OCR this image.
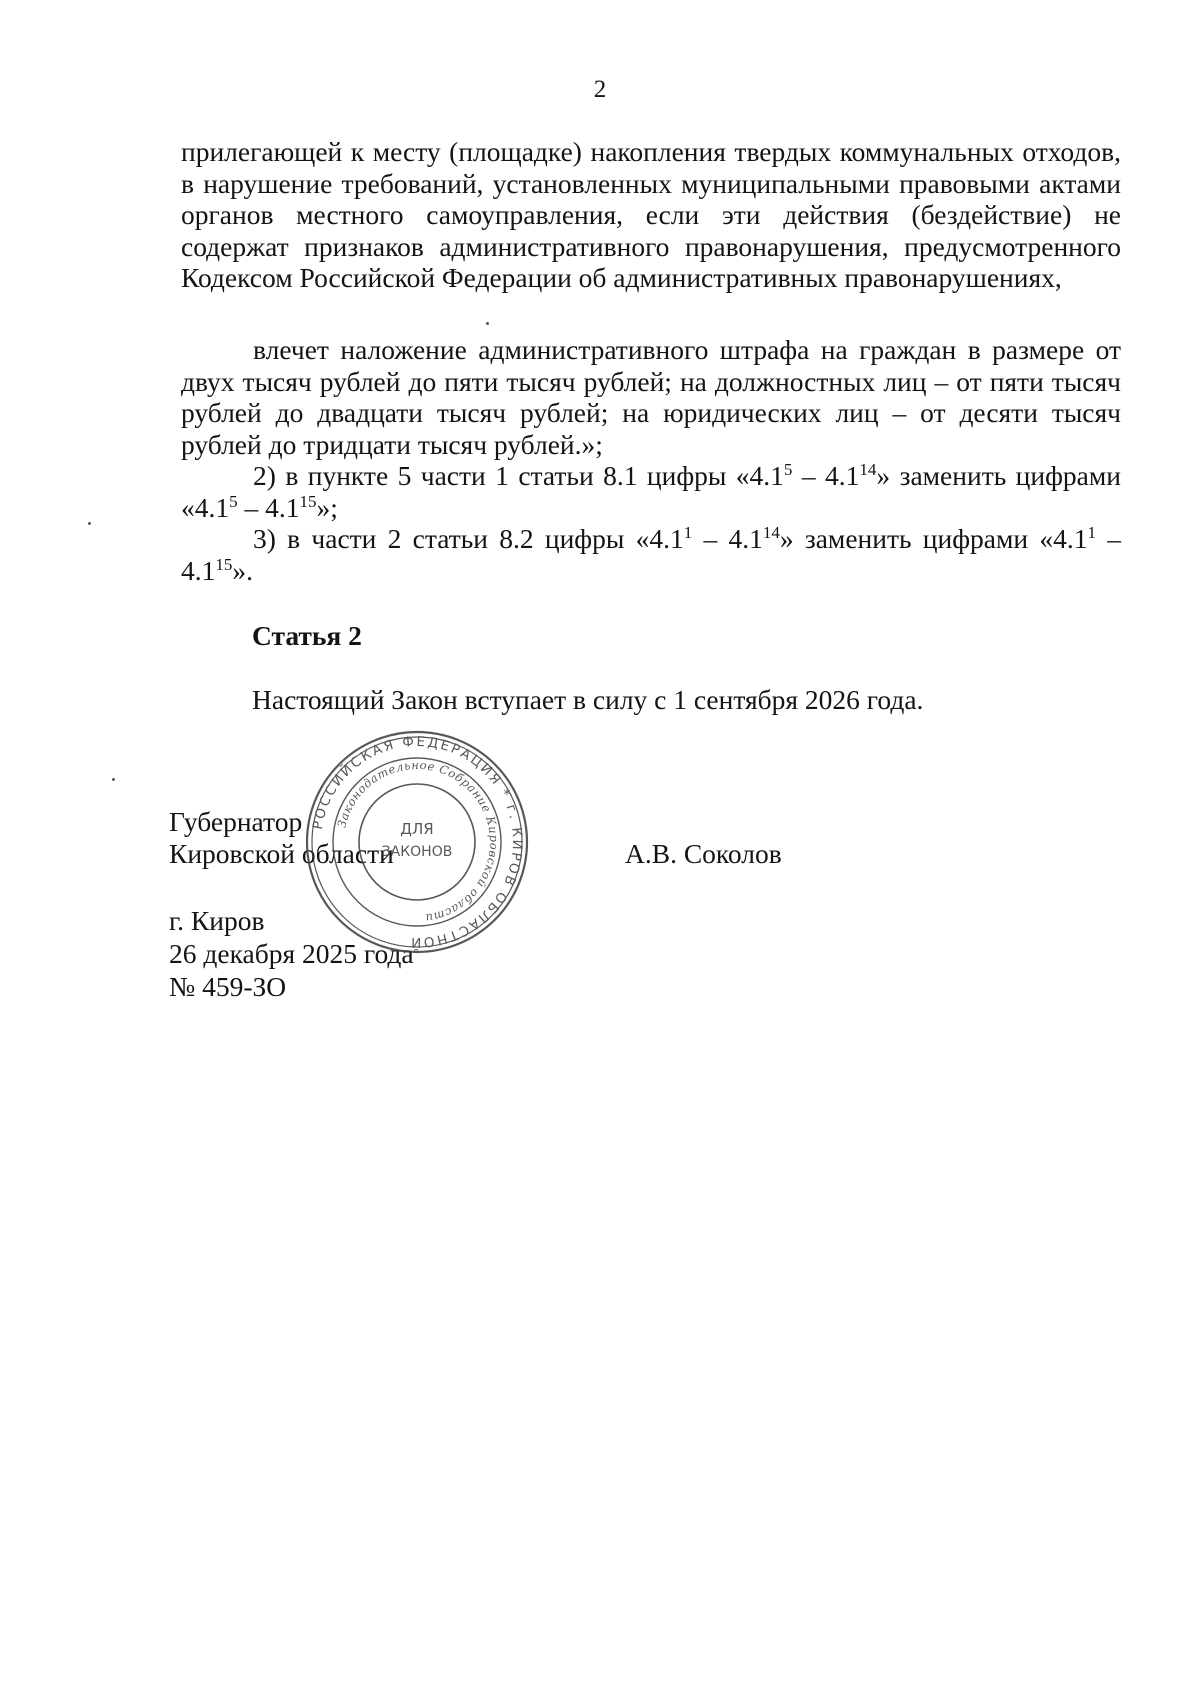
2

прилегающей к месту (площадке) накопления твердых коммунальных отходов, в нарушение требований, установленных муниципальными правовыми актами органов местного самоуправления, если эти действия (бездействие) не содержат признаков административного правонарушения, предусмотренного Кодексом Российской Федерации об административных правонарушениях,

влечет наложение административного штрафа на граждан в размере от двух тысяч рублей до пяти тысяч рублей; на должностных лиц – от пяти тысяч рублей до двадцати тысяч рублей; на юридических лиц – от десяти тысяч рублей до тридцати тысяч рублей.»;

2) в пункте 5 части 1 статьи 8.1 цифры «$4.1^5 - 4.1^{14}$» заменить цифрами «$4.1^5 - 4.1^{15}$»;

3) в части 2 статьи 8.2 цифры «$4.1^1 - 4.1^{14}$» заменить цифрами «$4.1^1 - 4.1^{15}$».

Статья 2
Настоящий Закон вступает в силу с 1 сентября 2026 года.
Губернатор
Кировской области	А.В. Соколов
г. Киров
26 декабря 2025 года
№ 459-ЗО
РОССИЙСКАЯ ФЕДЕРАЦИЯ * г. КИРОВ ОБЛАСТНОЙ
Законодательное Собрание Кировской области
ДЛЯ
ЗАКОНОВ
